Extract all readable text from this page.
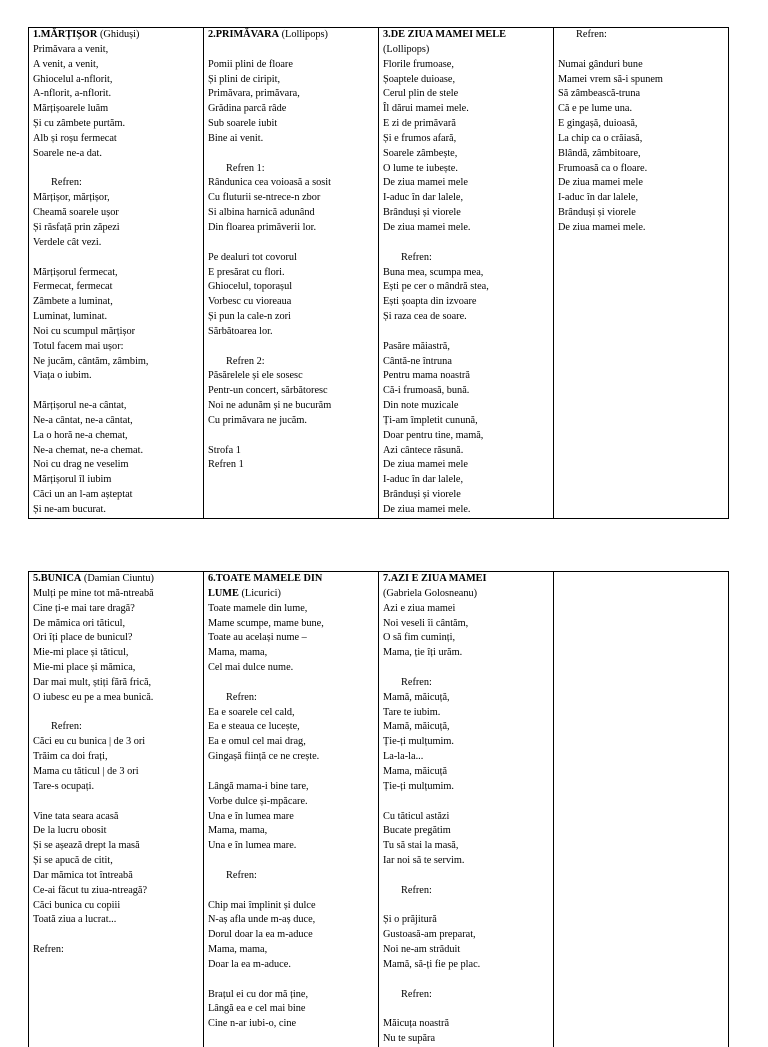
1.MĂRȚIȘOR (Ghiduși)
Primăvara a venit,
A venit, a venit,
Ghiocelul a-nflorit,
A-nflorit, a-nflorit.
Mărțișoarele luăm
Și cu zâmbete purtăm.
Alb și roșu fermecat
Soarele ne-a dat.
Refren:
Mărțișor, mărțișor,
Cheamă soarele ușor
Și răsfață prin zăpezi
Verdele cât vezi.
Mărțișorul fermecat,
Fermecat, fermecat
Zâmbete a luminat,
Luminat, luminat.
Noi cu scumpul mărțișor
Totul facem mai ușor:
Ne jucăm, cântăm, zâmbim,
Viața o iubim.
Mărțișorul ne-a cântat,
Ne-a cântat, ne-a cântat,
La o horă ne-a chemat,
Ne-a chemat, ne-a chemat.
Noi cu drag ne veselim
Mărțișorul îl iubim
Căci un an l-am așteptat
Și ne-am bucurat.

2.PRIMĂVARA (Lollipops)
Pomii plini de floare
Și plini de ciripit,
Primăvara, primăvara,
Grădina parcă râde
Sub soarele iubit
Bine ai venit.
Refren 1:
Rândunica cea voioasă a sosit
Cu fluturii se-ntrece-n zbor
Si albina harnică adunând
Din floarea primăverii lor.
Pe dealuri tot covorul
E presărat cu flori.
Ghiocelul, toporașul
Vorbesc cu vioreaua
Și pun la cale-n zori
Sărbătoarea lor.
Refren 2:
Păsărelele și ele sosesc
Pentr-un concert, sărbătoresc
Noi ne adunăm și ne bucurăm
Cu primăvara ne jucăm.
Strofa 1
Refren 1

3.DE ZIUA MAMEI MELE
(Lollipops)
Florile frumoase,
Șoaptele duioase,
Cerul plin de stele
Îl dărui mamei mele.
E zi de primăvară
Și e frumos afară,
Soarele zâmbește,
O lume te iubește.
De ziua mamei mele
I-aduc în dar lalele,
Brânduși și viorele
De ziua mamei mele.
Refren:
Buna mea, scumpa mea,
Ești pe cer o mândră stea,
Ești șoapta din izvoare
Și raza cea de soare.
Pasăre măiastră,
Cântă-ne întruna
Pentru mama noastră
Că-i frumoasă, bună.
Din note muzicale
Ți-am împletit cunună,
Doar pentru tine, mamă,
Azi cântece răsună.
De ziua mamei mele
I-aduc în dar lalele,
Brânduși și viorele
De ziua mamei mele.

Refren:
Numai gânduri bune
Mamei vrem să-i spunem
Să zâmbească-truna
Că e pe lume una.
E gingașă, duioasă,
La chip ca o crăiasă,
Blândă, zâmbitoare,
Frumoasă ca o floare.
De ziua mamei mele
I-aduc în dar lalele,
Brânduși și viorele
De ziua mamei mele.
5.BUNICA (Damian Ciuntu)
Mulți pe mine tot mă-ntreabă
Cine ți-e mai tare dragă?
De mămica ori tăticul,
Ori îți place de bunicul?
Mie-mi place și tăticul,
Mie-mi place și mămica,
Dar mai mult, știți fără frică,
O iubesc eu pe a mea bunică.
Refren:
Căci eu cu bunica | de 3 ori
Trăim ca doi frați,
Mama cu tăticul | de 3 ori
Tare-s ocupați.
Vine tata seara acasă
De la lucru obosit
Și se așează drept la masă
Și se apucă de citit,
Dar mămica tot întreabă
Ce-ai făcut tu ziua-ntreagă?
Căci bunica cu copiii
Toată ziua a lucrat...
Refren:

6.TOATE MAMELE DIN
LUME (Licurici)
Toate mamele din lume,
Mame scumpe, mame bune,
Toate au același nume –
Mama, mama,
Cel mai dulce nume.
Refren:
Ea e soarele cel cald,
Ea e steaua ce lucește,
Ea e omul cel mai drag,
Gingașă ființă ce ne crește.
Lângă mama-i bine tare,
Vorbe dulce și-mpăcare.
Una e în lumea mare
Mama, mama,
Una e în lumea mare.
Refren:
Chip mai împlinit și dulce
N-aș afla unde m-aș duce,
Dorul doar la ea m-aduce
Mama, mama,
Doar la ea m-aduce.
Brațul ei cu dor mă ține,
Lângă ea e cel mai bine
Cine n-ar iubi-o, cine

7.AZI E ZIUA MAMEI
(Gabriela Golosneanu)
Azi e ziua mamei
Noi veseli îi cântăm,
O să fim cuminți,
Mama, ție îți urăm.
Refren:
Mamă, măicuță,
Tare te iubim.
Mamă, măicuță,
Ție-ți mulțumim.
La-la-la...
Mama, măicuță
Ție-ți mulțumim.
Cu tăticul astăzi
Bucate pregătim
Tu să stai la masă,
Iar noi să te servim.
Refren:
Și o prăjitură
Gustoasă-am preparat,
Noi ne-am străduit
Mamă, să-ți fie pe plac.
Refren:
Măicuța noastră
Nu te supăra
